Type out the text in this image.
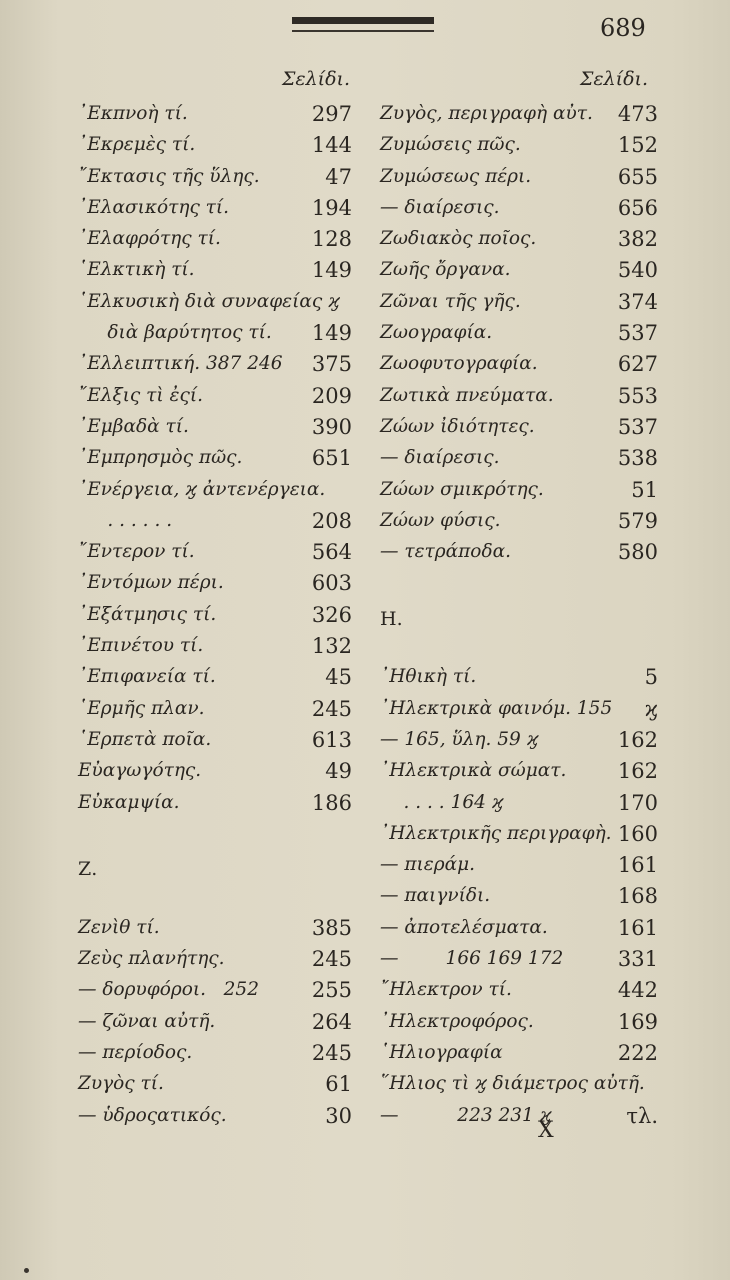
689
Σελίδι.	Σελίδι.
᾿Εκπνοὴ τί.	297
᾿Εκρεμὲς τί.	144
῎Εκτασις τῆς ὕλης.	47
᾿Ελασικότης τί.	194
᾿Ελαφρότης τί.	128
῾Ελκτικὴ τί.	149
῾Ελκυσικὴ διὰ συναφείας ϗ
διὰ βαρύτητος τί. 149
᾿Ελλειπτική. 387 246 375
῎Ελξις τὶ ἐςί.	209
᾿Εμβαδὰ τί.	390
᾿Εμπρησμὸς πῶς.	651
᾿Ενέργεια, ϗ ἀντενέργεια.
. . . . . .	208
῎Εντερον τί.	564
᾿Εντόμων πέρι.	603
᾿Εξάτμησις τί.	326
᾿Επινέτου τί.	132
᾿Επιφανεία τί.	45
῾Ερμῆς πλαν.	245
῾Ερπετὰ ποῖα.	613
Εὐαγωγότης.	49
Εὐκαμψία.	186
Ζ.
Ζενὶθ τί.	385
Ζεὺς πλανήτης.	245
— δορυφόροι.   252	255
— ζῶναι αὐτῆ.	264
— περίοδος.	245
Ζυγὸς τί.	61
— ὑδροςατικός.	30
Ζυγὸς, περιγραφὴ αὐτ. 473
Ζυμώσεις πῶς.	152
Ζυμώσεως πέρι.	655
— διαίρεσις.	656
Ζωδιακὸς ποῖος.	382
Ζωῆς ὄργανα.	540
Ζῶναι τῆς γῆς.	374
Ζωογραφία.	537
Ζωοφυτογραφία.	627
Ζωτικὰ πνεύματα.	553
Ζώων ἰδιότητες.	537
— διαίρεσις.	538
Ζώων σμικρότης.	51
Ζώων φύσις.	579
— τετράποδα.	580
Η.
᾿Ηθικὴ τί.	5
᾿Ηλεκτρικὰ φαινόμ. 155 ϗ
— 165, ὕλη. 59 ϗ	162
᾿Ηλεκτρικὰ σώματ. 162
. . . . 164 ϗ	170
᾿Ηλεκτρικῆς περιγραφὴ. 160
— πιεράμ.	161
— παιγνίδι.	168
— ἀποτελέσματα.	161
—        166 169 172	331
῎Ηλεκτρον τί.	442
᾿Ηλεκτροφόρος.	169
῾Ηλιογραφία	222
῞Ηλιος τὶ ϗ διάμετρος αὐτῆ.
—          223 231 ϗ	τλ.
Χ
